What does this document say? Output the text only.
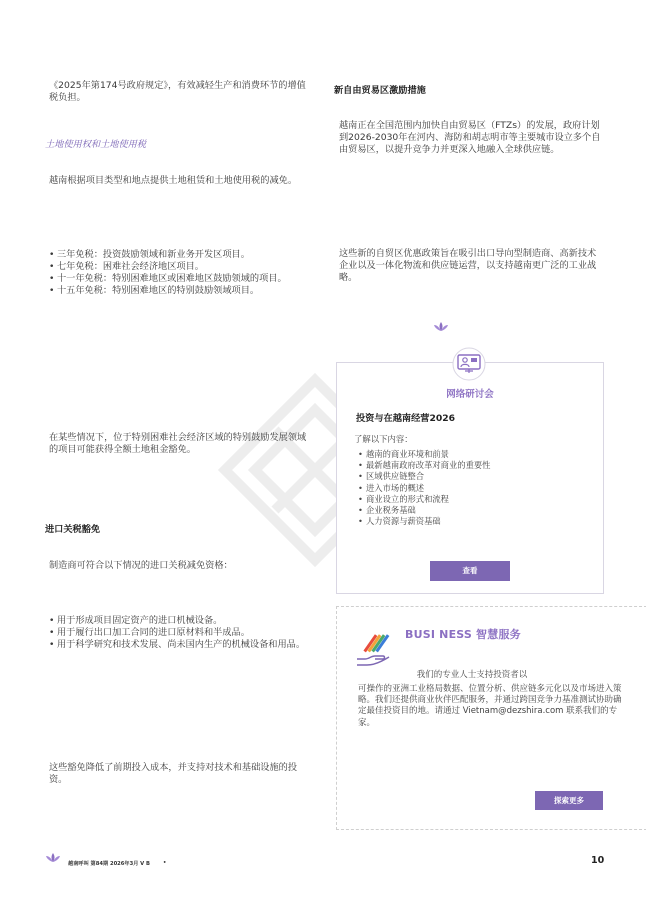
《2025年第174号政府规定》，有效减轻生产和消费环节的增值税负担。

土地使用权和土地使用税

越南根据项目类型和地点提供土地租赁和土地使用税的减免。

• 三年免税：投资鼓励领域和新业务开发区项目。
• 七年免税：困难社会经济地区项目。
• 十一年免税：特别困难地区或困难地区鼓励领域的项目。
• 十五年免税：特别困难地区的特别鼓励领域项目。

在某些情况下，位于特别困难社会经济区域的特别鼓励发展领域的项目可能获得全额土地租金豁免。

进口关税豁免

制造商可符合以下情况的进口关税减免资格：

• 用于形成项目固定资产的进口机械设备。
• 用于履行出口加工合同的进口原材料和半成品。
• 用于科学研究和技术发展、尚未国内生产的机械设备和用品。

这些豁免降低了前期投入成本，并支持对技术和基础设施的投资。

新自由贸易区激励措施

越南正在全国范围内加快自由贸易区（FTZs）的发展，政府计划到2026-2030年在河内、海防和胡志明市等主要城市设立多个自由贸易区，以提升竞争力并更深入地融入全球供应链。

这些新的自贸区优惠政策旨在吸引出口导向型制造商、高新技术企业以及一体化物流和供应链运营，以支持越南更广泛的工业战略。

网络研讨会
投资与在越南经营2026
了解以下内容：
• 越南的商业环境和前景
• 最新越南政府改革对商业的重要性
• 区域供应链整合
• 进入市场的概述
• 商业设立的形式和流程
• 企业税务基础
• 人力资源与薪资基础
查看
BUSI NESS 智慧服务
我们的专业人士支持投资者以
可操作的亚洲工业格局数据、位置分析、供应链多元化以及市场进入策略。我们还提供商业伙伴匹配服务，并通过跨国竞争力基准测试协助确定最佳投资目的地。请通过 Vietnam@dezshira.com 联系我们的专家。
探索更多
越南呼叫 第84期 2026年3月 V B	•	10
